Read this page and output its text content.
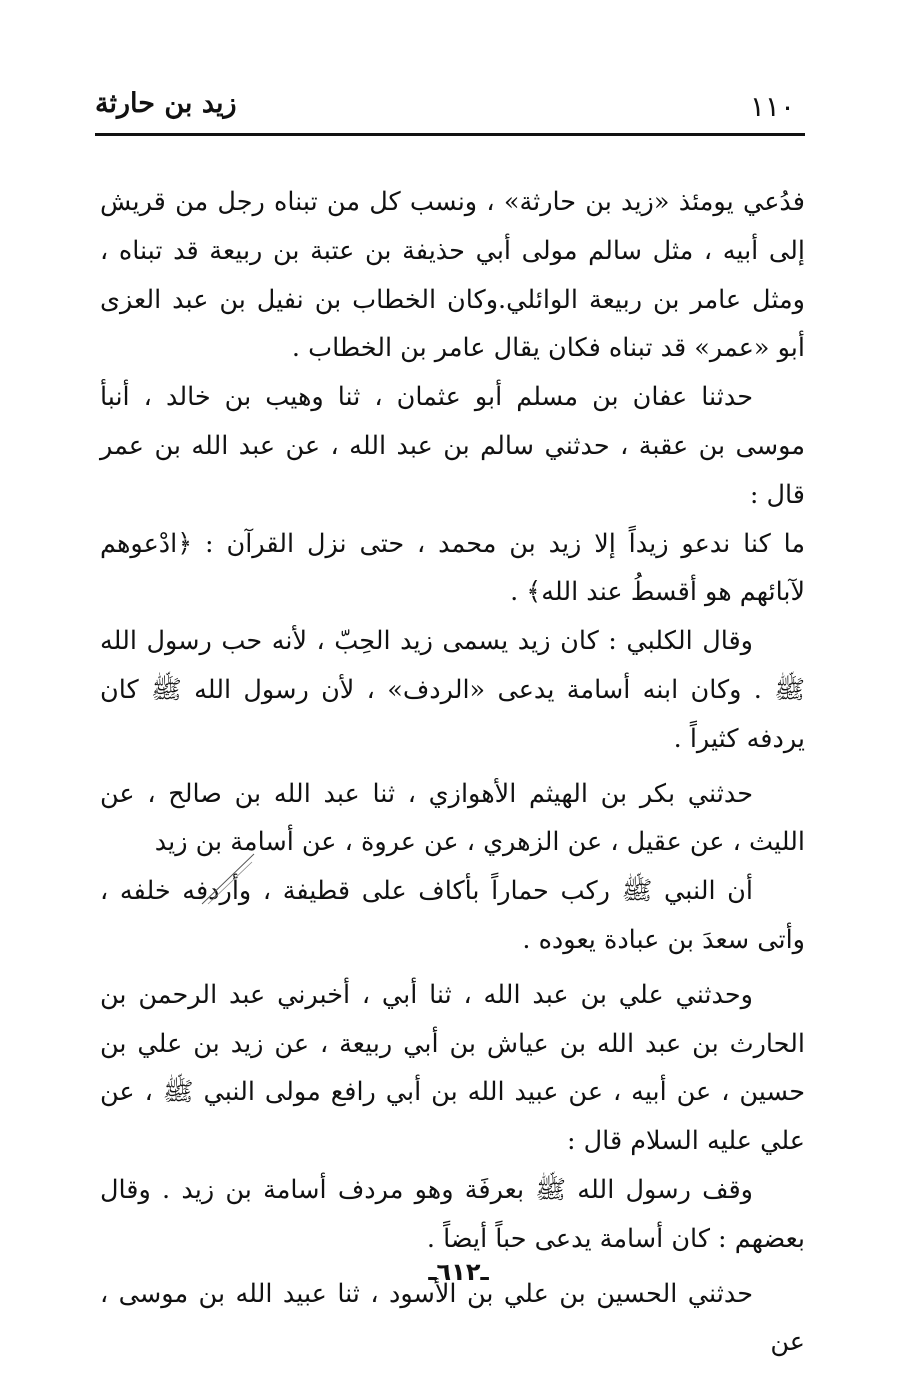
١١٠
زيد بن حارثة

فدُعي يومئذ «زيد بن حارثة» ، ونسب كل من تبناه رجل من قريش إلى أبيه ، مثل سالم مولى أبي حذيفة بن عتبة بن ربيعة قد تبناه ، ومثل عامر بن ربيعة الوائلي.وكان الخطاب بن نفيل بن عبد العزى أبو «عمر» قد تبناه فكان يقال عامر بن الخطاب .

حدثنا عفان بن مسلم أبو عثمان ، ثنا وهيب بن خالد ، أنبأ موسى بن عقبة ، حدثني سالم بن عبد الله ، عن عبد الله بن عمر قال :

ما كنا ندعو زيداً إلا زيد بن محمد ، حتى نزل القرآن : ﴿ادْعوهم لآبائهم هو أقسطُ عند الله﴾ .

وقال الكلبي : كان زيد يسمى زيد الحِبّ ، لأنه حب رسول الله ﷺ . وكان ابنه أسامة يدعى «الردف» ، لأن رسول الله ﷺ كان يردفه كثيراً .

حدثني بكر بن الهيثم الأهوازي ، ثنا عبد الله بن صالح ، عن الليث ، عن عقيل ، عن الزهري ، عن عروة ، عن أسامة بن زيد

أن النبي ﷺ ركب حماراً بأكاف على قطيفة ، وأردفه خلفه ، وأتى سعدَ بن عبادة يعوده .

وحدثني علي بن عبد الله ، ثنا أبي ، أخبرني عبد الرحمن بن الحارث بن عبد الله بن عياش بن أبي ربيعة ، عن زيد بن علي بن حسين ، عن أبيه ، عن عبيد الله بن أبي رافع مولى النبي ﷺ ، عن علي عليه السلام قال :

وقف رسول الله ﷺ بعرفَة وهو مردف أسامة بن زيد . وقال بعضهم : كان أسامة يدعى حباً أيضاً .

حدثني الحسين بن علي بن الأسود ، ثنا عبيد الله بن موسى ، عن

ـ٦١٢ـ
